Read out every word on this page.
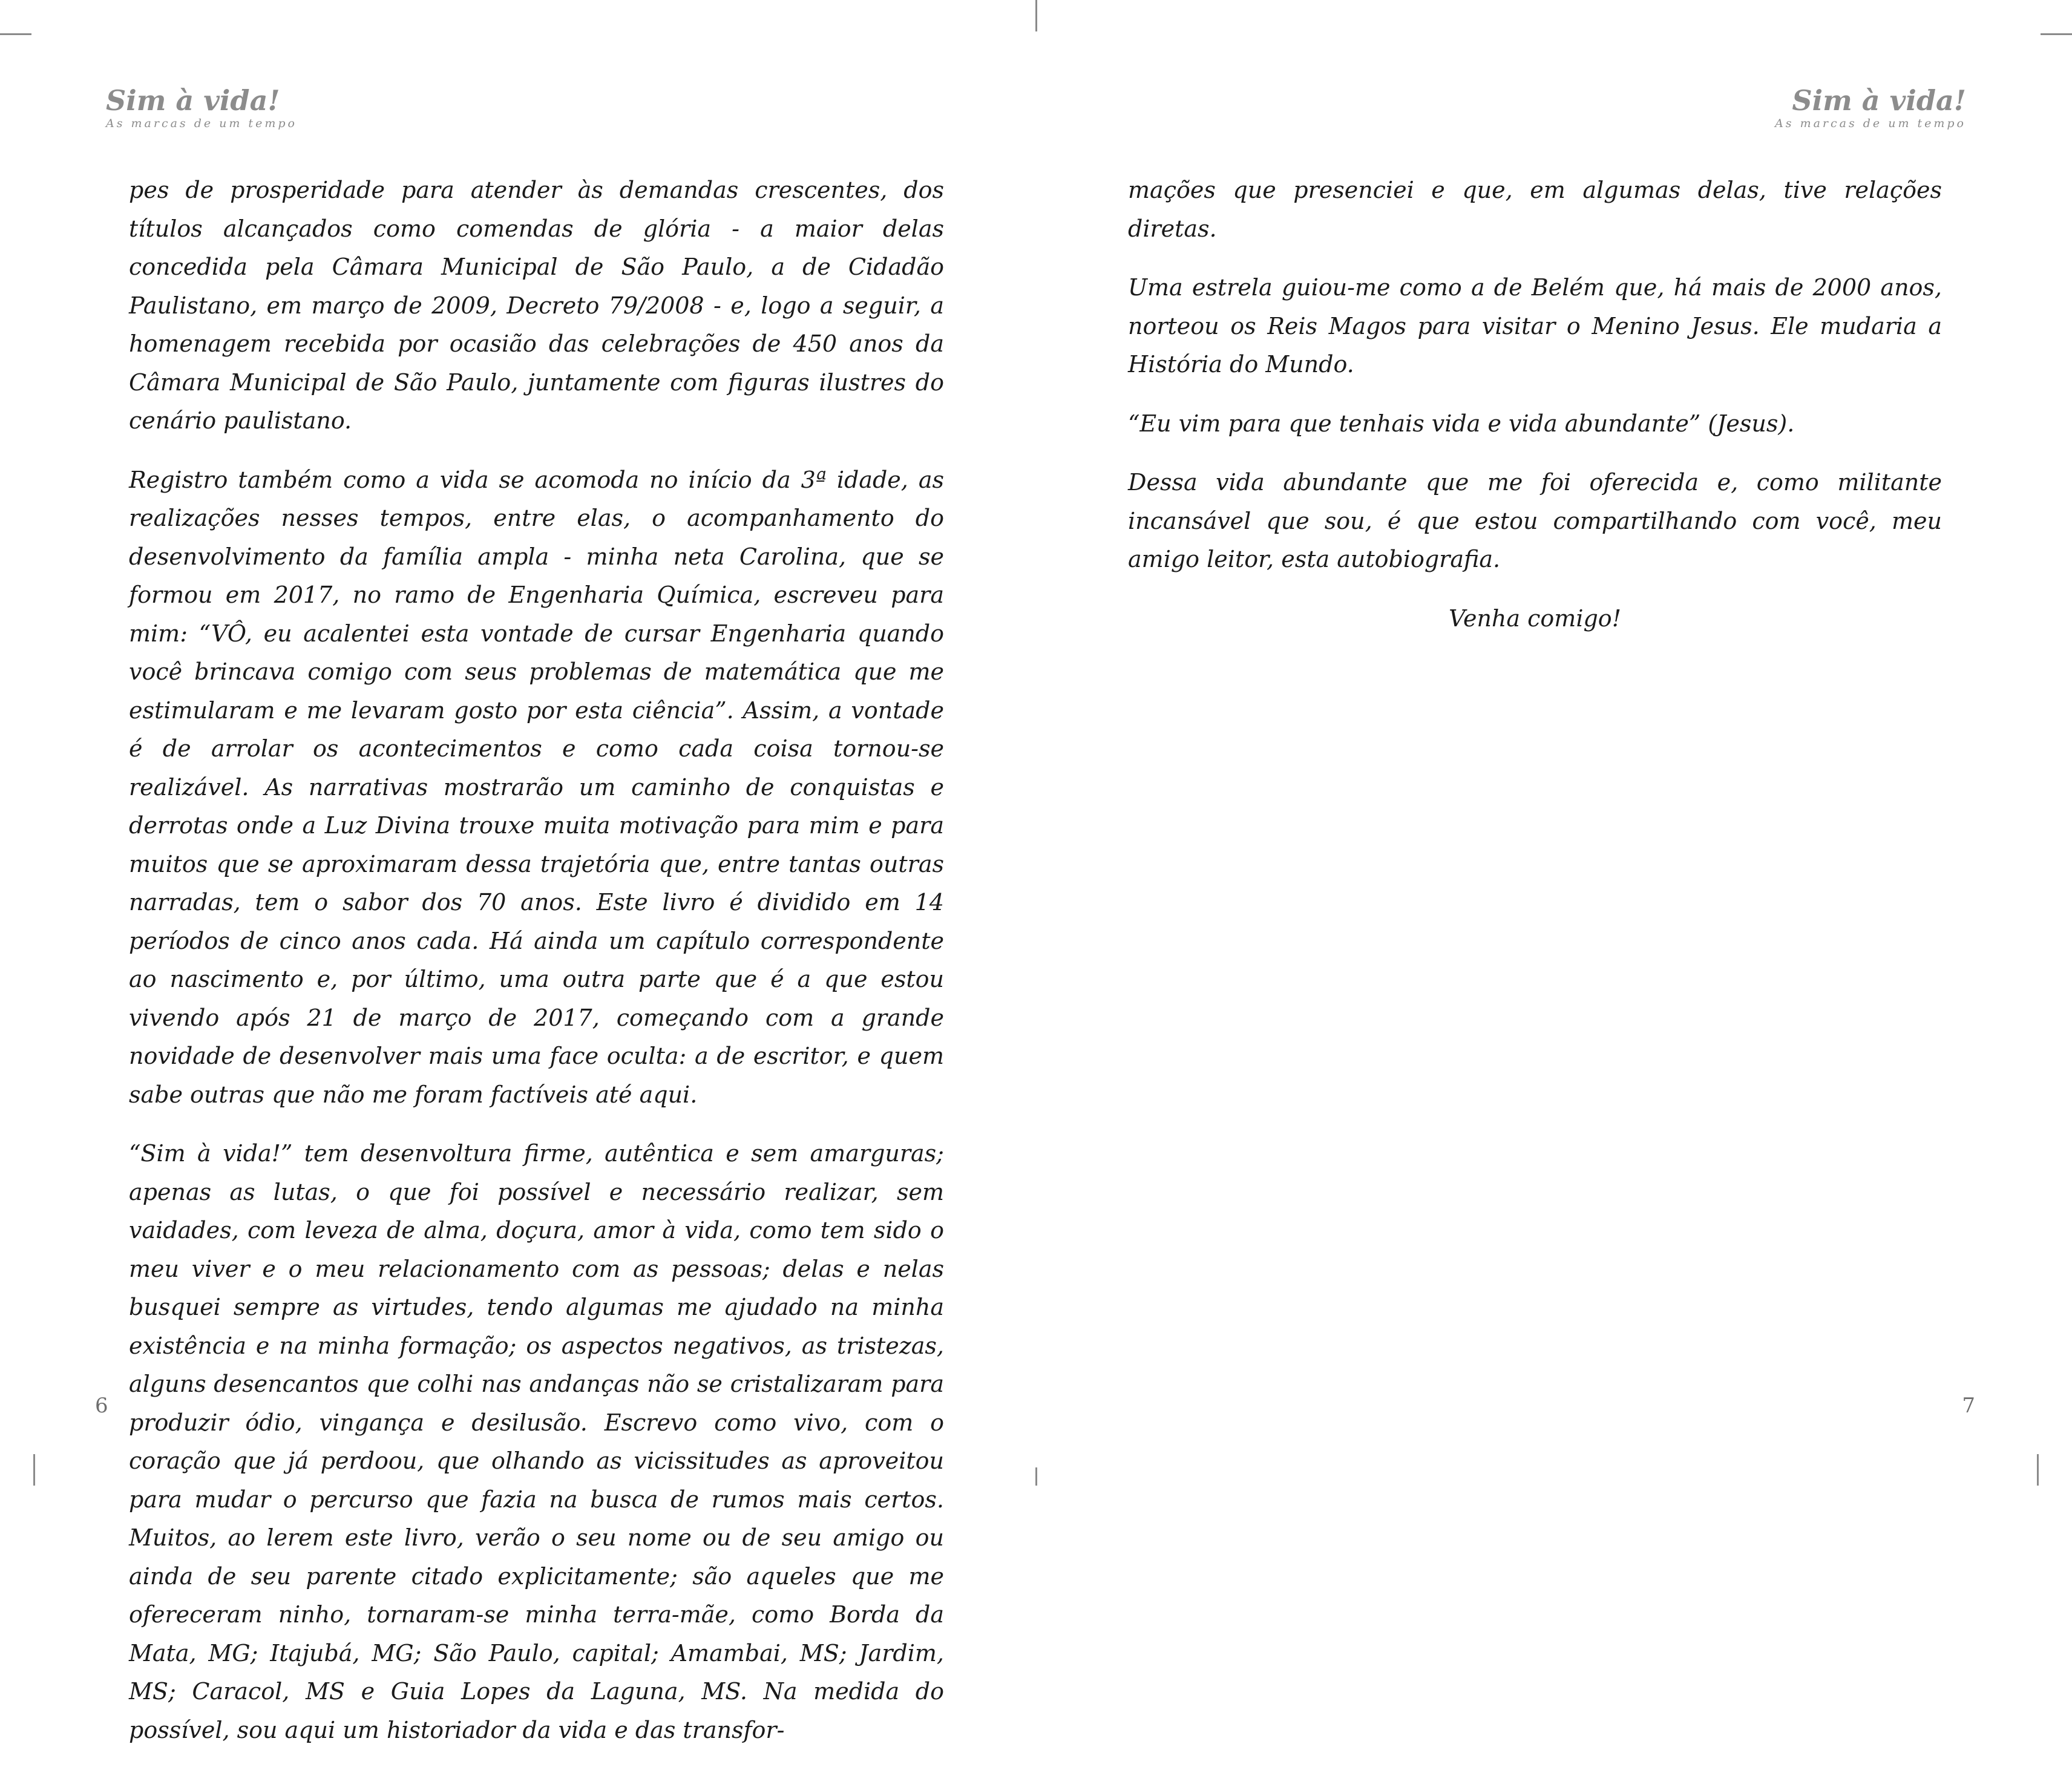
Sim à vida!
As marcas de um tempo

pes de prosperidade para atender às demandas crescentes, dos títulos alcançados como comendas de glória - a maior delas concedida pela Câmara Municipal de São Paulo, a de Cidadão Paulistano, em março de 2009, Decreto 79/2008 - e, logo a seguir, a homenagem recebida por ocasião das celebrações de 450 anos da Câmara Municipal de São Paulo, juntamente com figuras ilustres do cenário paulistano.

Registro também como a vida se acomoda no início da 3ª idade, as realizações nesses tempos, entre elas, o acompanhamento do desenvolvimento da família ampla - minha neta Carolina, que se formou em 2017, no ramo de Engenharia Química, escreveu para mim: “VÔ, eu acalentei esta vontade de cursar Engenharia quando você brincava comigo com seus problemas de matemática que me estimularam e me levaram gosto por esta ciência”. Assim, a vontade é de arrolar os acontecimentos e como cada coisa tornou-se realizável. As narrativas mostrarão um caminho de conquistas e derrotas onde a Luz Divina trouxe muita motivação para mim e para muitos que se aproximaram dessa trajetória que, entre tantas outras narradas, tem o sabor dos 70 anos. Este livro é dividido em 14 períodos de cinco anos cada. Há ainda um capítulo correspondente ao nascimento e, por último, uma outra parte que é a que estou vivendo após 21 de março de 2017, começando com a grande novidade de desenvolver mais uma face oculta: a de escritor, e quem sabe outras que não me foram factíveis até aqui.

“Sim à vida!” tem desenvoltura firme, autêntica e sem amarguras; apenas as lutas, o que foi possível e necessário realizar, sem vaidades, com leveza de alma, doçura, amor à vida, como tem sido o meu viver e o meu relacionamento com as pessoas; delas e nelas busquei sempre as virtudes, tendo algumas me ajudado na minha existência e na minha formação; os aspectos negativos, as tristezas, alguns desencantos que colhi nas andanças não se cristalizaram para produzir ódio, vingança e desilusão. Escrevo como vivo, com o coração que já perdoou, que olhando as vicissitudes as aproveitou para mudar o percurso que fazia na busca de rumos mais certos. Muitos, ao lerem este livro, verão o seu nome ou de seu amigo ou ainda de seu parente citado explicitamente; são aqueles que me ofereceram ninho, tornaram-se minha terra-mãe, como Borda da Mata, MG; Itajubá, MG; São Paulo, capital; Amambai, MS; Jardim, MS; Caracol, MS e Guia Lopes da Laguna, MS. Na medida do possível, sou aqui um historiador da vida e das transfor-

6
Sim à vida!
As marcas de um tempo

mações que presenciei e que, em algumas delas, tive relações diretas.

Uma estrela guiou-me como a de Belém que, há mais de 2000 anos, norteou os Reis Magos para visitar o Menino Jesus. Ele mudaria a História do Mundo.

“Eu vim para que tenhais vida e vida abundante” (Jesus).

Dessa vida abundante que me foi oferecida e, como militante incansável que sou, é que estou compartilhando com você, meu amigo leitor, esta autobiografia.

Venha comigo!

7
